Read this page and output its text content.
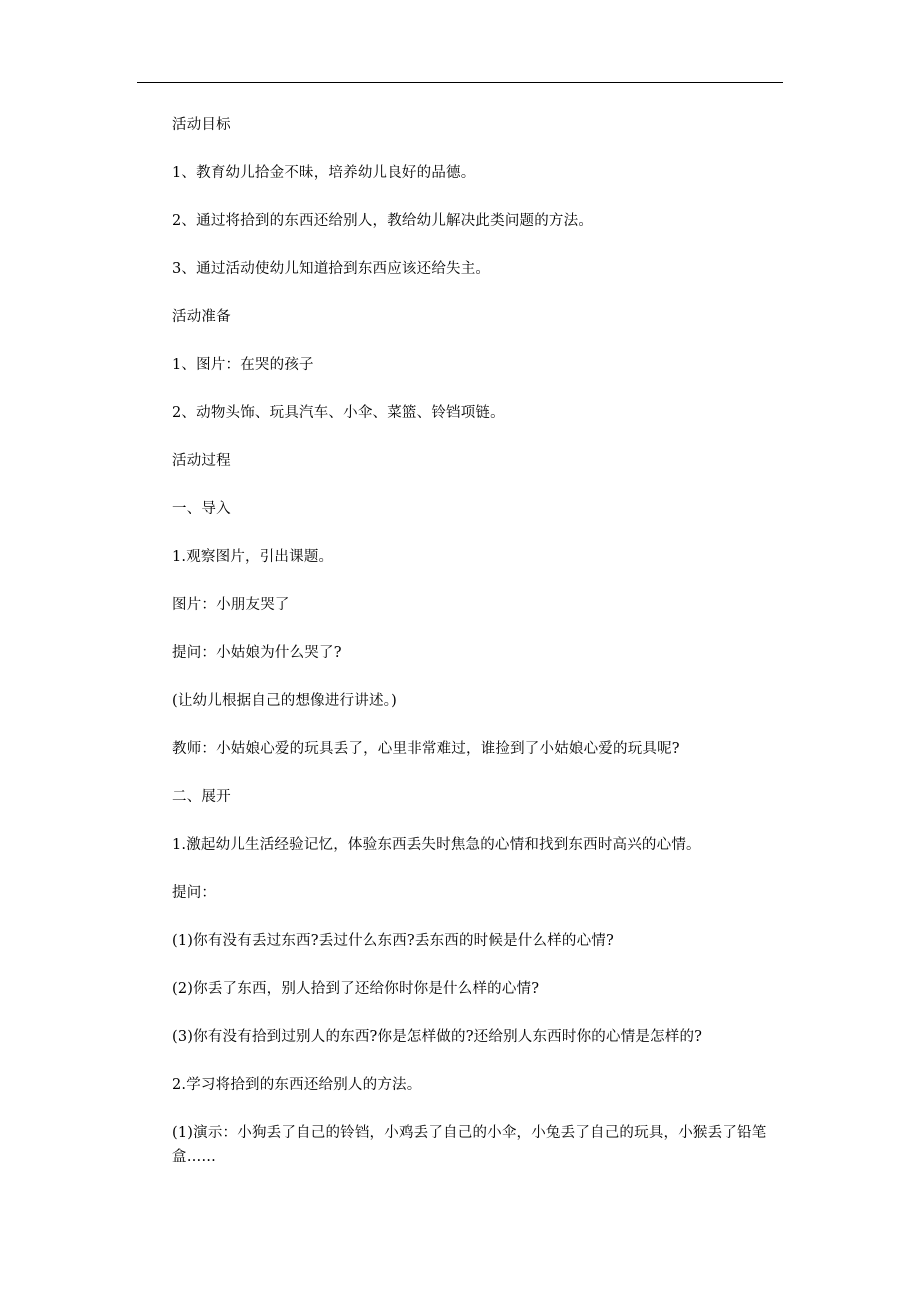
活动目标
1、教育幼儿拾金不昧，培养幼儿良好的品德。
2、通过将拾到的东西还给别人，教给幼儿解决此类问题的方法。
3、通过活动使幼儿知道拾到东西应该还给失主。
活动准备
1、图片：在哭的孩子
2、动物头饰、玩具汽车、小伞、菜篮、铃铛项链。
活动过程
一、导入
1.观察图片，引出课题。
图片：小朋友哭了
提问：小姑娘为什么哭了?
(让幼儿根据自己的想像进行讲述。)
教师：小姑娘心爱的玩具丢了，心里非常难过，谁捡到了小姑娘心爱的玩具呢?
二、展开
1.激起幼儿生活经验记忆，体验东西丢失时焦急的心情和找到东西时高兴的心情。
提问：
(1)你有没有丢过东西?丢过什么东西?丢东西的时候是什么样的心情?
(2)你丢了东西，别人拾到了还给你时你是什么样的心情?
(3)你有没有拾到过别人的东西?你是怎样做的?还给别人东西时你的心情是怎样的?
2.学习将拾到的东西还给别人的方法。
(1)演示：小狗丢了自己的铃铛，小鸡丢了自己的小伞，小兔丢了自己的玩具，小猴丢了铅笔盒……
